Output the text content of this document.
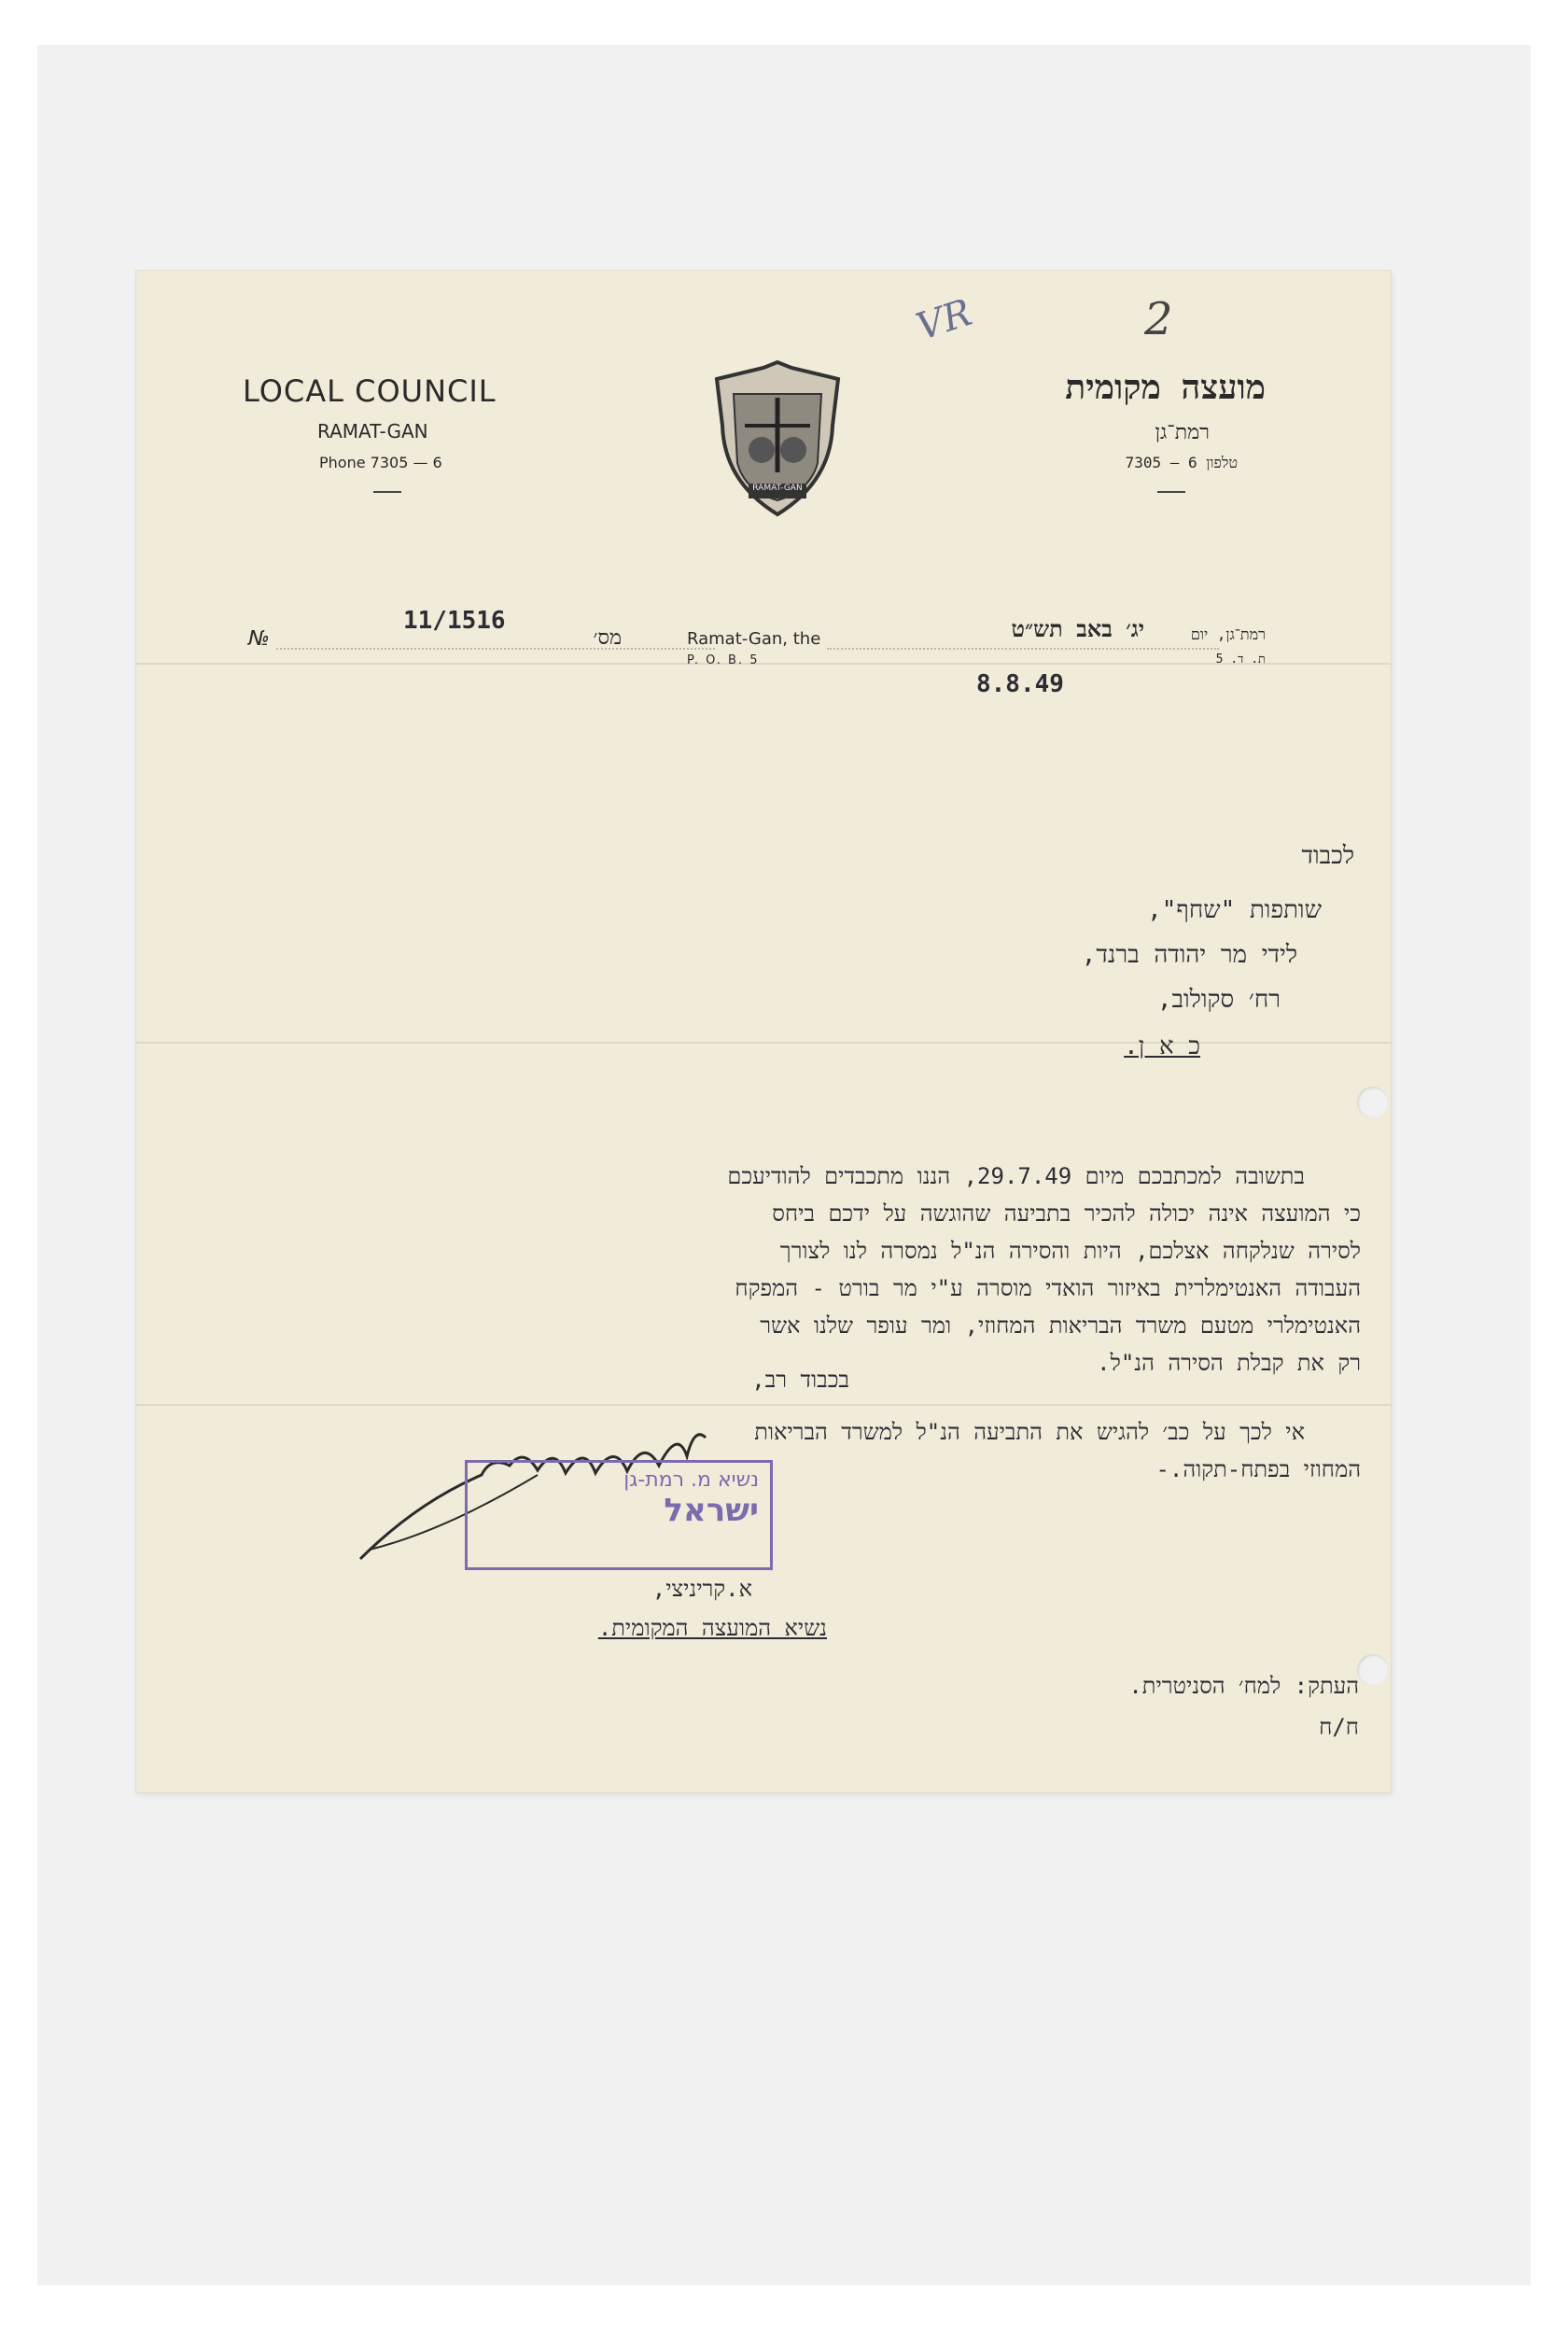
VR	2
LOCAL COUNCIL
RAMAT-GAN
Phone 7305 — 6
RAMAT-GAN
מועצה מקומית
רמת־גן
טלפון 6 — 7305
№
11/1516
מס׳	Ramat-Gan, the
P. O. B. 5
יג׳ באב תש״ט	רמת־גן, יום
ת. ד. 5
8.8.49
לכבוד
שותפות "שחף",
לידי מר יהודה ברנד,
רח׳ סקולוב,
כ א ן.
בתשובה למכתבכם מיום 29.7.49, הננו מתכבדים להודיעכם
כי המועצה אינה יכולה להכיר בתביעה שהוגשה על ידכם ביחס
לסירה שנלקחה אצלכם, היות והסירה הנ"ל נמסרה לנו לצורך
העבודה האנטימלרית באיזור הואדי מוסרה ע"י מר בורט - המפקח
האנטימלרי מטעם משרד הבריאות המחוזי, ומר עופר שלנו אשר
רק את קבלת הסירה הנ"ל.
אי לכך על כב׳ להגיש את התביעה הנ"ל למשרד הבריאות
המחוזי בפתח-תקוה.-
בכבוד רב,
נשיא מ. רמת-גן
ישראל
א.קריניצי,
נשיא המועצה המקומית.
העתק: למח׳ הסניטרית.
ח/ח
